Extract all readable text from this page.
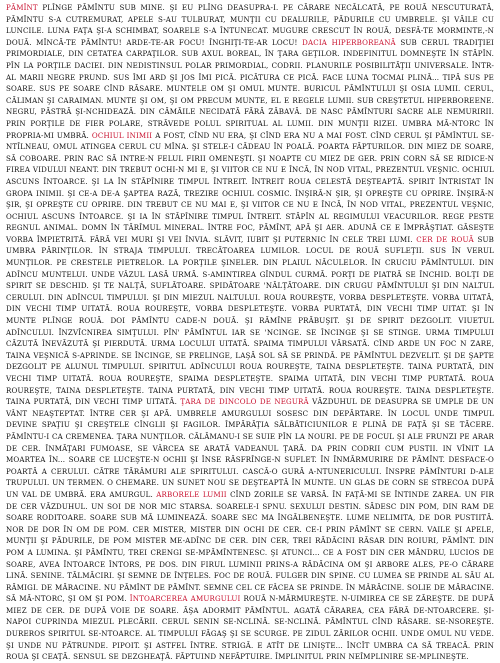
PĂMÎNT PLÎNGE PĂMÎNTU SUB MINE. ŞI EU PLÎNG DEASUPRA-I. PE CĂRARE NECĂLCATĂ, PE ROUĂ NESCUTURATĂ, PĂMÎNTU S-A CUTREMURAT, APELE S-AU TULBURAT, MUNŢII CU DEALURILE, PĂDURILE CU UMBRELE. ŞI VĂILE CU LUNCILE. LUNA FAŢA ŞI-A SCHIMBAT, SOARELE S-A ÎNTUNECAT. MUGURE CRESCUT ÎN ROUĂ, DESFĂ-TE MORMINTE,-N DOUĂ. MÎNCĂ-TE PĂMÎNTU! ARDE-TE-AR FOCU! ÎNGHIŢI-TE-AR LOCU! DACIA HIPERBOREANĂ SUB CERUL TRADIŢIEI PRIMORDIALE, DIN CETATEA CARPAŢILOR. SUB AXUL BOREAL, ÎN ŢARA GEŢILOR. INDEFINITUL DOMNEŞTE ÎN STĂPÎN. PÎN LA PORŢILE DACIEI. DIN NEDISTINSUL POLAR PRIMORDIAL, CODRII. PLANURILE POSIBILITĂŢII UNIVERSALE. ÎNTR-AL MARII NEGRE PRUND. SUS ÎMI ARD ŞI JOS ÎMI PICĂ. PICĂTURA CE PICĂ. FACE LUNA TOCMAI PLINĂ... TIPĂ SUS PE SOARE. SUS PE SOARE CÎND RĂSARE. MUNTELE OM ŞI OMUL MUNTE. BURICUL PĂMÎNTULUI ŞI OSIA LUMII. CERUL, CĂLIMAN ŞI CARAIMAN. MUNTE ŞI OM, ŞI OM PRECUM MUNTE, EL E REGELE LUMII. SUB CREŞTETUL HIPERBOREENE. NEGRU, PĂSTRĂ ŞI-NCHIDEAZĂ. DIN CĂMĂILE NECIDATĂ FĂRĂ ZĂBAVĂ. DE NASC PĂMÎNTURI SACRE ALE NEMURIRII. PRIN PORŢILE DE FIER POLARE, STRĂVEDE POLUL SPIRITUAL AL LUMII. DIN MUNŢII RIZEI. UMBRA MĂ-NTORC ÎN PROPRIA-MI UMBRĂ. OCHIUL INIMII A FOST, CÎND NU ERA, ŞI CÎND ERA NU A MAI FOST. CÎND CERUL ŞI PĂMÎNTUL SE-NTÎLNEAU, OMUL ATINGEA CERUL CU MÎNA. ŞI STELE-I CĂDEAU ÎN POALĂ. POARTA FĂPTURILOR. DIN MIEZ DE SOARE, SĂ COBOARE. PRIN RAC SĂ INTRE-N FELUL FIRII OMENEŞTI. ŞI NOAPTE CU MIEZ DE GER. PRIN CORN SĂ SE RIDICE-N FIREA VIDULUI NEANT. DIN TREBUT OCHI-N MI E, ŞI VIITOR CE NU E ÎNCĂ, ÎN NOD VITAL, PREZENTUL VEŞNIC. OCHIUL ASCUNS ÎNTOARCE. ŞI LA ÎN STĂPÎNIRE TIMPUL ÎNTREIT. ÎNTREIT ROUA CELESTĂ DEŞTEAPTĂ. SPIRIT ÎNTRISTAT ÎN GROPA INIMII. ŞI CE-A DE-A ŞAPTEA RAZĂ, TREZIRE OCHIUL COSMIC. ÎNŞIRĂ-N ŞIR, ŞI OPREŞTE CU OPRIRE. ÎNŞIRĂ-N ŞIR, ŞI OPREŞTE CU OPRIRE. DIN TREBUT CE NU MAI E, ŞI VIITOR CE NU E ÎNCĂ, ÎN NOD VITAL, PREZENTUL VEŞNIC, OCHIUL ASCUNS ÎNTOARCE. ŞI IA ÎN STĂPÎNIRE TIMPUL ÎNTREIT. STĂPÎN AL REGIMULUI VEACURILOR. REGE PESTE REGNUL ANIMAL. DOMN ÎN TĂRÎMUL MINERAL. ÎNTRE FOC, PĂMÎNT, APĂ ŞI AER. ADUNĂ CE E ÎMPRĂŞTIAT. GĂSEŞTE VORBA ÎMPIETRITĂ. FĂRĂ VEI MURI ŞI VEI ÎNVIA. SLĂVIT, IUBIT ŞI PUTERNIC ÎN CELE TREI LUMI. CER DE ROUĂ SUB UMBRA PĂRINŢILOR. ÎN STRAJA TIMPULUI. TRECĂTOAREA LUMILOR. LOCUL DE ROUĂ SUFLEŢII. SUS ÎN VERUL MUNŢILOR. PE CRESTELE PIETRELOR. LA PORŢILE ŞINELER. DIN PLAIUL NĂCULELOR. ÎN CRUCIU PĂMÎNTULUI. DIN ADÎNCU MUNTELUI. UNDE VÂZUL LASĂ URMĂ. S-AMINTIREA GÎNDUL CURMĂ. PORŢI DE PIATRĂ SE ÎNCHID. BOLŢI DE SPIRIT SE DESCHID. ŞI TE NALŢĂ, SUFLĂTOARE. SPIDĂTOARE 'NĂLŢĂTOARE. DIN CRUGU PĂMÎNTULUI ŞI DIN NALTUL CERULUI. DIN ADÎNCUL TIMPULUI. ŞI DIN MIEZUL NALTULUI. ROUA ROUREŞTE, VORBA DESPLETEŞTE. VORBA UITATĂ, DIN VECHI TIMP UITATĂ. ROUA ROUREŞTE, VORBA DESPLETEŞTE. VORBA PURTATĂ, DIN VECHI TIMP UITAT. ŞI ÎN MUNTE PLÎNGE ROUĂ. DOI PĂMÎNTU CADE-N DOUĂ. ŞI RĂMÎNE PRĂBUŞIT. ŞI DE SPIRIT DEZGOLIT. VIUETUL ADÎNCULUI. ÎNZVÎCNIREA SIMŢULUI. PÎN' PĂMÎNTUL IAR SE 'NCINGE. SE ÎNCINGE ŞI SE STINGE. URMA TIMPULUI CĂZUTĂ ÎNEVĂZUTĂ ŞI PIERDUTĂ. URMA LOCULUI UITATĂ. SPAIMA TIMPULUI VĂRSATĂ. CÎND ARDE UN FOC N ZARE, TAINA VEŞNICĂ S-APRINDE. SE ÎNCINGE, SE PRELINGE, LAŞĂ SOL SĂ SE PRINDĂ. PE PĂMÎNTUL DEZVELIT. ŞI DE ŞAPTE DEZGOLIT PE ALUNUL TIMPULUI. SPIRITUL ADÎNCULUI ROUA ROUREŞTE, TAINA DESPLETEŞTE. TAINA PURTATĂ, DIN VECHI TIMP UITATĂ. ROUA ROUREŞTE, SPAIMA DESPLETEŞTE. SPAIMA UITATĂ, DIN VECHI TIMP PURTATĂ. ROUA ROUREŞTE, TAINA DESPLETEŞTE. TAINA PURTATĂ, DIN VECHI TIMP UITATĂ. ROUA ROUREŞTE. TAINA DESPLETEŞTE. TAINA PURTATĂ, DIN VECHI TIMP UITATĂ. ŢARA DE DINCOLO DE NEGURĂ VĂZDUHUL DE DEASUPRA SE UMPLE DE UN VÂNT NEAŞTEPTAT. ÎNTRE CER ŞI APĂ. UMBRELE AMURGULUI SOSESC DIN DEPĂRTARE. ÎN LOCUL UNDE TIMPUL DEVINE SPAŢIU ŞI CREŞTELE CÎNGLII ŞI FAGILOR. ÎMPĂRĂŢIA SĂLBĂTICIUNILOR E PLINĂ DE FAŢĂ ŞI SE TĂCERE. PĂMÎNTU-I CA CREMENEA. ŢARA NUNŢILOR. CĂLĂMANU-I SE SUIE PÎN LA NOURI. PE DE FOCUL ŞI ALE FRUNZI PE ARAR DE CER. ÎNMĂŢARI FUMOASE, SE VÂRCEA SE ARATĂ VADEANUL ŢARĂ. DA PRIN CODRII CUM PUSTII. IN VÎNIT LA MOARTEA ÎN... SOARE CE LUCEŞTE-N OCHII ŞI ÎNSE RĂSFRÎNGE-N SUFLET. ÎN ÎNMĂRMURIRE DE PĂMÎNT. DESFACE-O POARTĂ A CERULUI. CĂTRE TĂRÂMURI ALE SPIRITULUI. CASCĂ-O GURĂ A-NTUNERICULUI. ÎNSPRE PĂMÎNTURI D-ALE TRUPULUI. UN TERMEN. O CHEMARE. UN SUNET NOU SE DEŞTEAPTĂ ÎN MUNTE. UN GLAS DE CORN SE STRECOA DUPĂ UN VAL DE UMBRĂ. ERA AMURGUL. ARBORELE LUMII CÎND ZORILE SE VARSĂ. ÎN FAŢĂ-MI SE ÎNTINDE ZAREA. UN FIR DE CER VĂZDUHUL. UN SOI DE NOR MIC STARSA. SOARELE-I SPNU. SEXULUI DESTIN. SĂDESC DIN POM, DIN RAM DE SOARE RODITOARE. SOARE SUB MĂ LUMINEAZĂ. SOARE SEC MA ÎNGĂLBENEŞTE. LUME NELIMITA, DE DOR PUSTIITĂ. NOR DE DOR ÎN OM DE POM. CER MISTER, MISTER DIN OCHI DE CER. CE-I PRIN PĂMÎNT SE CERN. VAILE ŞI APELE, MUNŢII ŞI PĂDURILE, DE POM MISTER ME-ADÎNC DE CER. DIN CER, TREI RĂDĂCINI RĂSAR DIN ROIURI, PĂMÎNT. DIN POM A LUMINA. ŞI PĂMÎNTU, TREI CRENGI SE-MPĂMÎNTENESC. ŞI ATUNCI... CE A FOST DIN CER MĂNDRU, LUCIOS DE SOARE, AVEA ÎNTOARCE ÎNTORS, PE DOS. DIN FIRUL LUMINII PRINS-A RĂDĂCINA OM ŞI ARBORE ALES, PE-O CĂRARE LINĂ. SENINE. TĂLMĂCIRI. ŞI SEMNE DE ÎNŢELES. FOC DE ROUĂ. FULGER DIN SPINE. CU LUMEA SE PRINDE AL SĂU AL RĂMIGI. DE MĂRACINE. NU PĂMÎNT DE PĂMÎNT. SEMNE CEL CE FÂCEA SE PRINDE. ÎN MÂRĂCINE. SOLIE DE MĂRACINE. SĂ MĂ-NTORC, ŞI OM ŞI POM. ÎNTOARCEREA AMURGULUI ROUĂ N-MĂRMUREŞTE. N-UIMIREA CE SE ZĂREŞTE. DE DUPĂ MIEZ DE CER. DE DUPĂ VOIE DE SOARE. ĂŞA ADORMIT PĂMÎNTUL. AGATĂ CĂRAREA, CEA FĂRĂ DE-NTOARCERE. ŞI-NAPOI CUPRINDA MIEZUL PLECĂRII. CERUL SENIN SE-NCLINĂ. SE-NCLINĂ. PĂMÎNTUL CÎND RĂSARE. SE-NSOREŞTE. DUREROS SPIRITUL SE-NTOARCE. AL TIMPULUI FĂGAŞ ŞI SE SCURGE. PE ZIDUL ZĂRILOR OCHII. UNDE OMUL NU VEDE. ŞI UNDE NU PĂTRUNDE. PIPOIT. ŞI ASTFEL ÎNTRE. STRIGĂ. E ATÎT DE LINIŞTE... ÎNCÎT UMBRA CA SĂ TREACĂ. PRIN ROUA ŞI CEAŢĂ. SENSUL SE DEZGHEAŢĂ. FĂPTUIND NEFĂPTUIRE. ÎMPLINITUL PRIN NEÎMPLINIRE SE-MPLINEŞTE.
